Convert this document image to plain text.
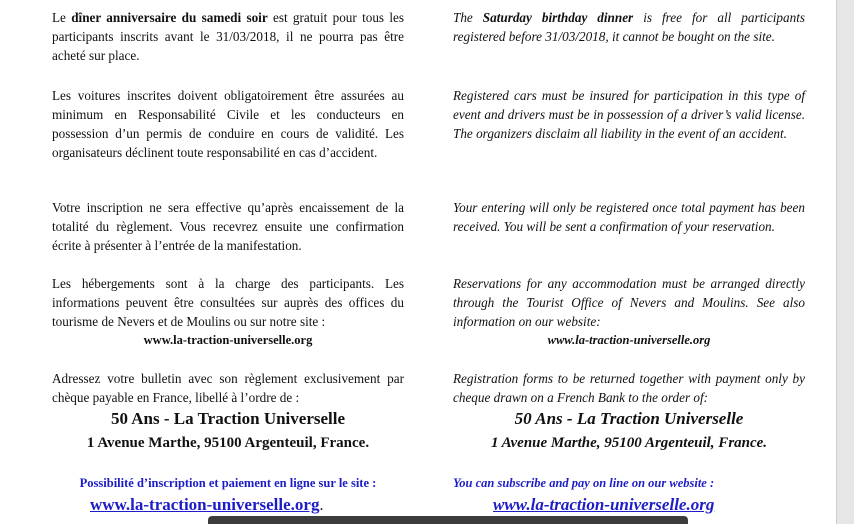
Le dîner anniversaire du samedi soir est gratuit pour tous les participants inscrits avant le 31/03/2018, il ne pourra pas être acheté sur place.

Les voitures inscrites doivent obligatoirement être assurées au minimum en Responsabilité Civile et les conducteurs en possession d’un permis de conduire en cours de validité. Les organisateurs déclinent toute responsabilité en cas d’accident.

Votre inscription ne sera effective qu’après encaissement de la totalité du règlement. Vous recevrez ensuite une confirmation écrite à présenter à l’entrée de la manifestation.

Les hébergements sont à la charge des participants. Les informations peuvent être consultées sur auprès des offices du tourisme de Nevers et de Moulins ou sur notre site :

www.la-traction-universelle.org

Adressez votre bulletin avec son règlement exclusivement par chèque payable en France, libellé à l’ordre de :

50 Ans - La Traction Universelle
1 Avenue Marthe, 95100 Argenteuil, France.
Possibilité d’inscription et paiement en ligne sur le site :
www.la-traction-universelle.org.

The Saturday birthday dinner is free for all participants registered before 31/03/2018, it cannot be bought on the site.

Registered cars must be insured for participation in this type of event and drivers must be in possession of a driver’s valid license. The organizers disclaim all liability in the event of an accident.

Your entering will only be registered once total payment has been received. You will be sent a confirmation of your reservation.

Reservations for any accommodation must be arranged directly through the Tourist Office of Nevers and Moulins. See also information on our website:

www.la-traction-universelle.org

Registration forms to be returned together with payment only by cheque drawn on a French Bank to the order of:

50 Ans - La Traction Universelle
1 Avenue Marthe, 95100 Argenteuil, France.
You can subscribe and pay on line on our website :
www.la-traction-universelle.org
